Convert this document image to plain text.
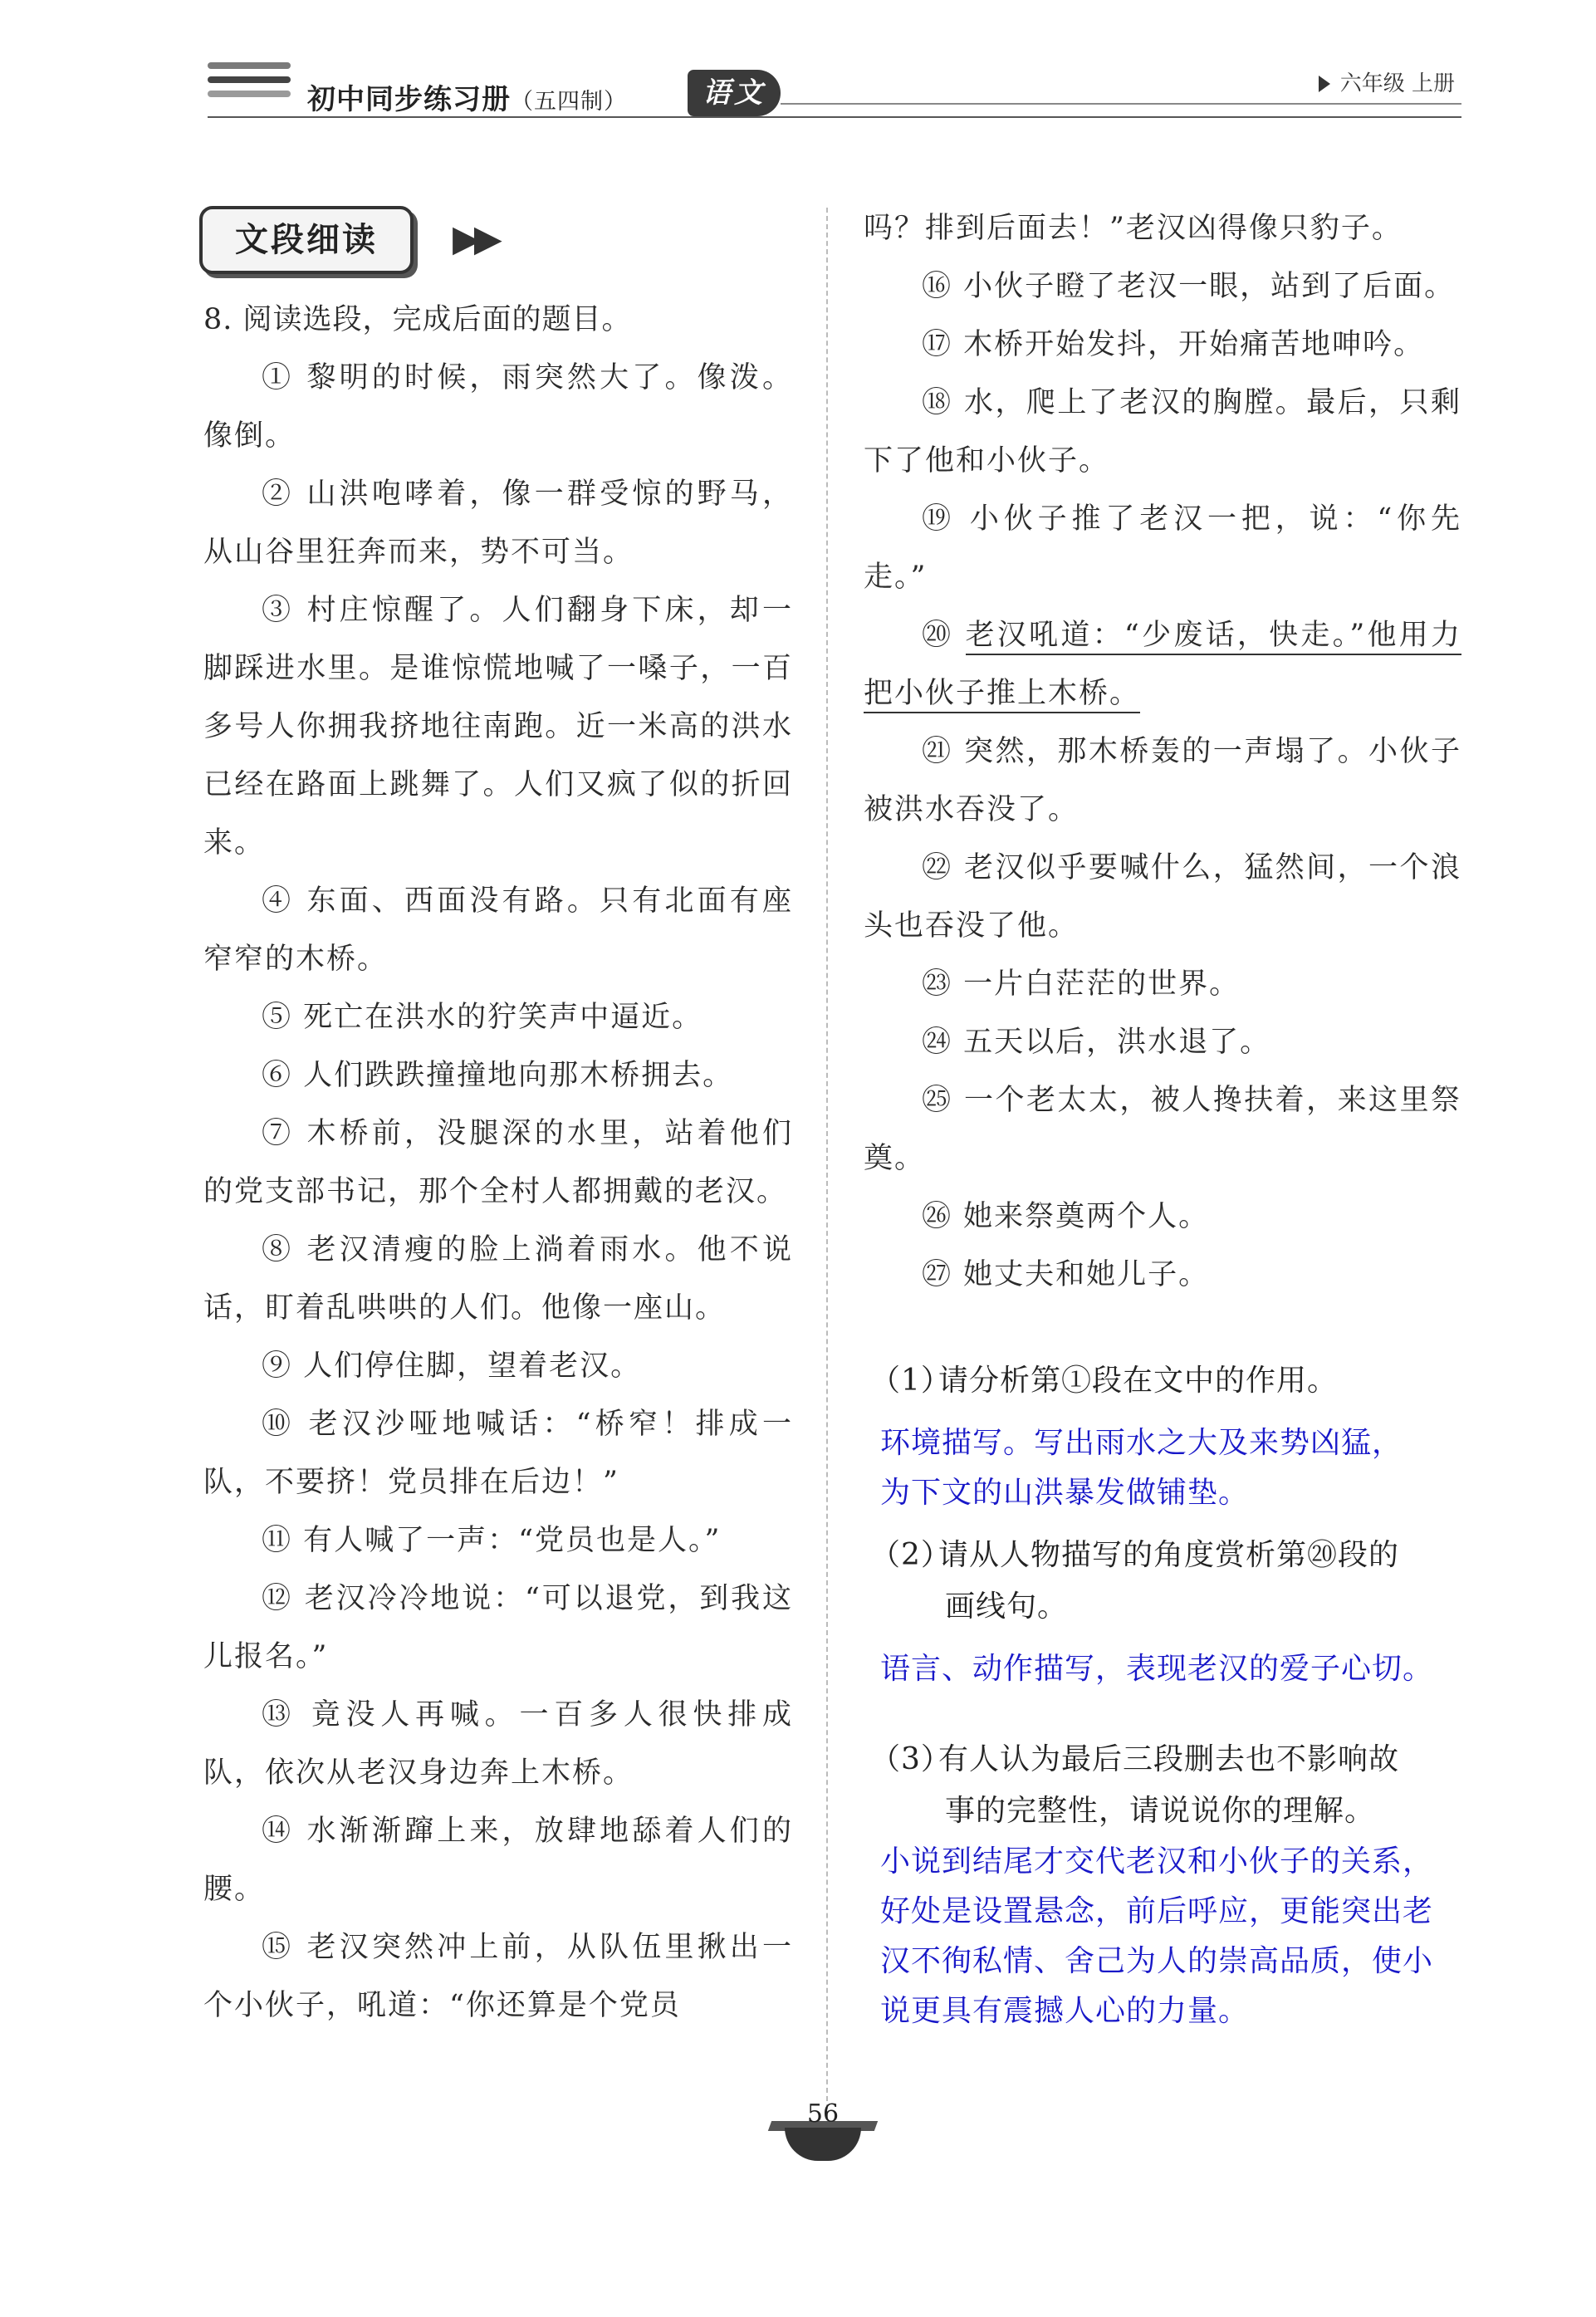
初中同步练习册（五四制）	语文	六年级 上册
文段细读	▶▶

8. 阅读选段，完成后面的题目。

① 黎明的时候，雨突然大了。像泼。像倒。

② 山洪咆哮着，像一群受惊的野马，从山谷里狂奔而来，势不可当。

③ 村庄惊醒了。人们翻身下床，却一脚踩进水里。是谁惊慌地喊了一嗓子，一百多号人你拥我挤地往南跑。近一米高的洪水已经在路面上跳舞了。人们又疯了似的折回来。

④ 东面、西面没有路。只有北面有座窄窄的木桥。

⑤ 死亡在洪水的狞笑声中逼近。

⑥ 人们跌跌撞撞地向那木桥拥去。

⑦ 木桥前，没腿深的水里，站着他们的党支部书记，那个全村人都拥戴的老汉。

⑧ 老汉清瘦的脸上淌着雨水。他不说话，盯着乱哄哄的人们。他像一座山。

⑨ 人们停住脚，望着老汉。

⑩ 老汉沙哑地喊话：“桥窄！排成一队，不要挤！党员排在后边！”

⑪ 有人喊了一声：“党员也是人。”

⑫ 老汉冷冷地说：“可以退党，到我这儿报名。”

⑬ 竟没人再喊。一百多人很快排成队，依次从老汉身边奔上木桥。

⑭ 水渐渐蹿上来，放肆地舔着人们的腰。

⑮ 老汉突然冲上前，从队伍里揪出一个小伙子，吼道：“你还算是个党员

吗？排到后面去！”老汉凶得像只豹子。

⑯ 小伙子瞪了老汉一眼，站到了后面。

⑰ 木桥开始发抖，开始痛苦地呻吟。

⑱ 水，爬上了老汉的胸膛。最后，只剩下了他和小伙子。

⑲ 小伙子推了老汉一把，说：“你先走。”

⑳ 老汉吼道：“少废话，快走。”他用力把小伙子推上木桥。

㉑ 突然，那木桥轰的一声塌了。小伙子被洪水吞没了。

㉒ 老汉似乎要喊什么，猛然间，一个浪头也吞没了他。

㉓ 一片白茫茫的世界。

㉔ 五天以后，洪水退了。

㉕ 一个老太太，被人搀扶着，来这里祭奠。

㉖ 她来祭奠两个人。

㉗ 她丈夫和她儿子。

（1）请分析第①段在文中的作用。

环境描写。写出雨水之大及来势凶猛，

为下文的山洪暴发做铺垫。

（2）请从人物描写的角度赏析第⑳段的
画线句。

语言、动作描写，表现老汉的爱子心切。

（3）有人认为最后三段删去也不影响故
事的完整性，请说说你的理解。

小说到结尾才交代老汉和小伙子的关系，

好处是设置悬念，前后呼应，更能突出老

汉不徇私情、舍己为人的崇高品质，使小

说更具有震撼人心的力量。

56
